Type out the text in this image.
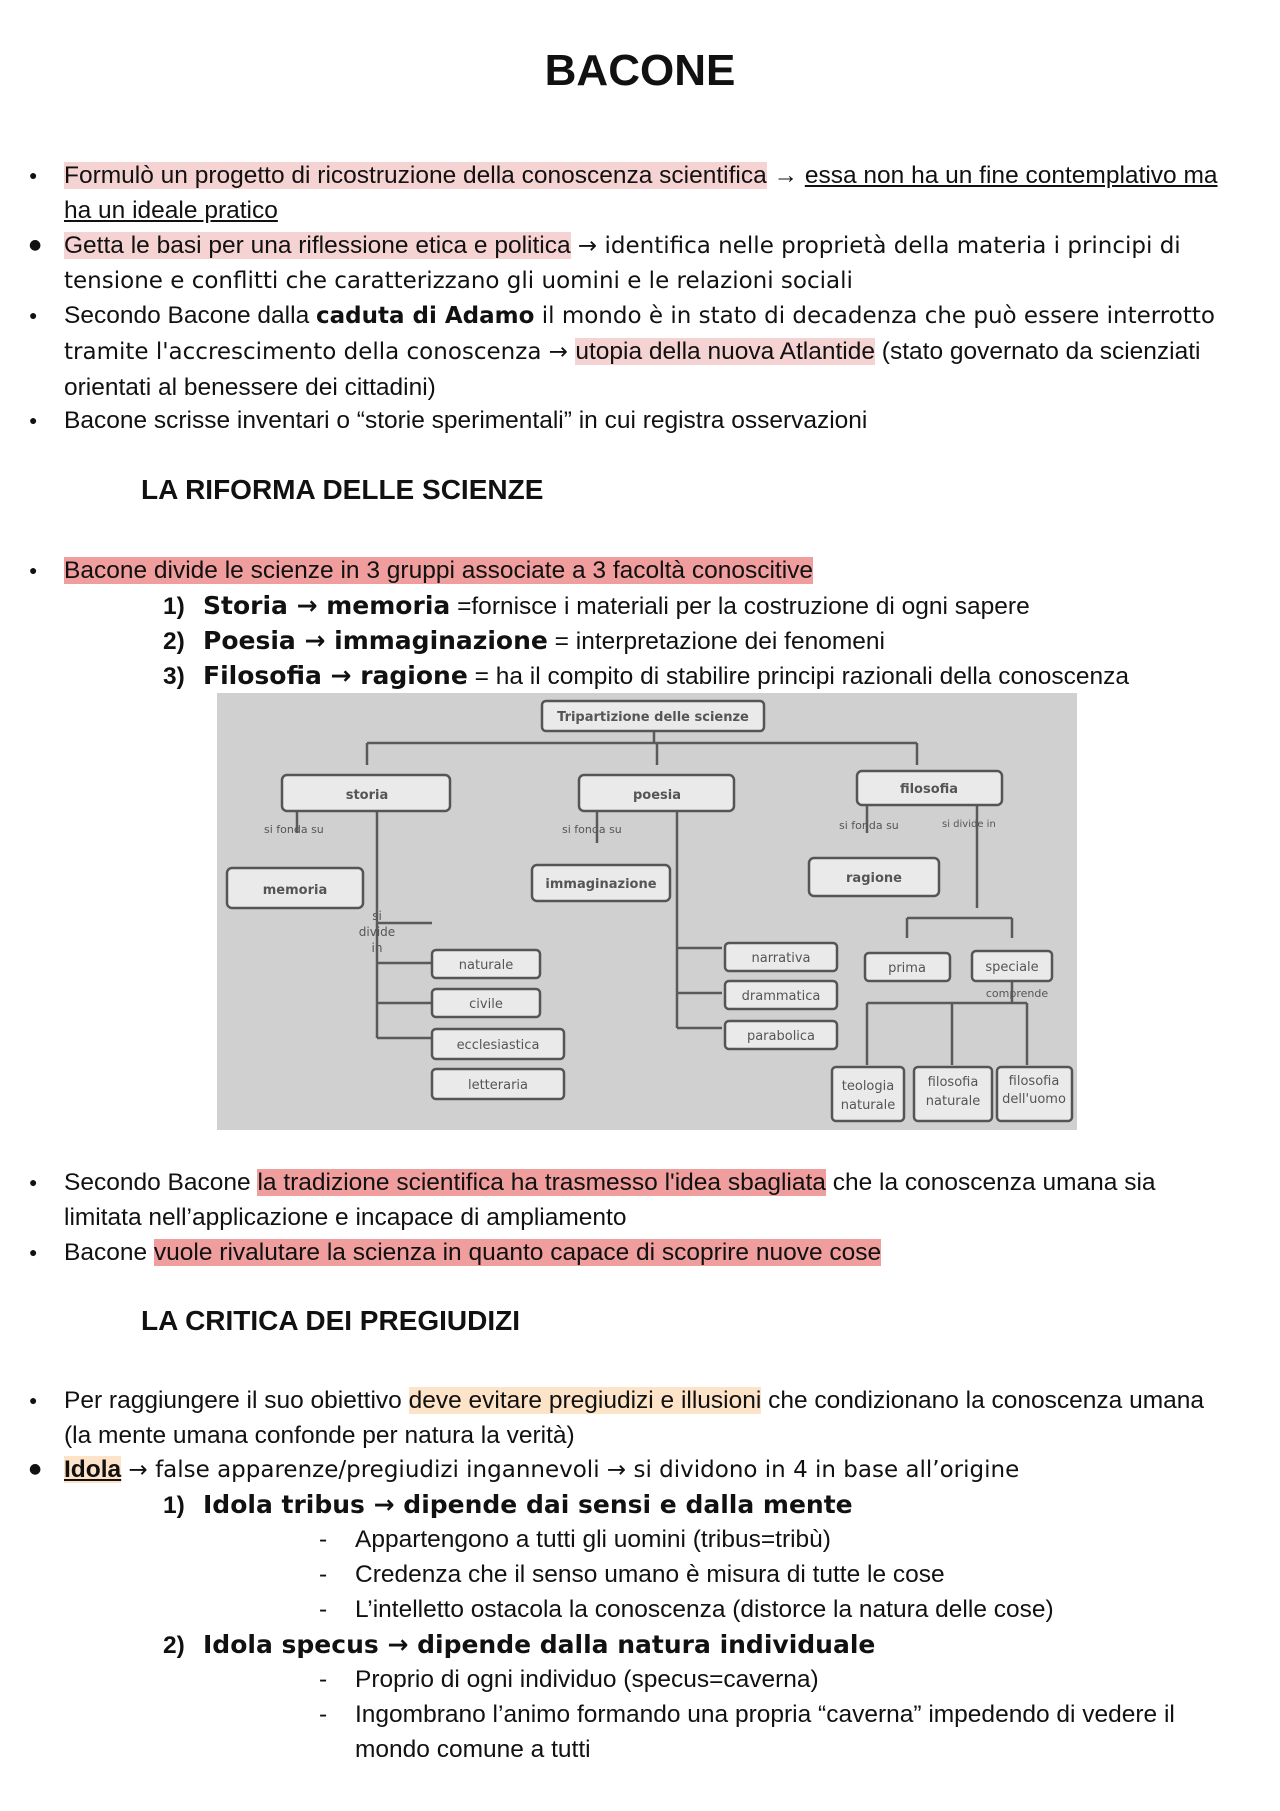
BACONE
● Formulò un progetto di ricostruzione della conoscenza scientifica → essa non ha un fine contemplativo ma ha un ideale pratico
● Getta le basi per una riflessione etica e politica → identifica nelle proprietà della materia i principi di tensione e conflitti che caratterizzano gli uomini e le relazioni sociali
● Secondo Bacone dalla caduta di Adamo il mondo è in stato di decadenza che può essere interrotto tramite l'accrescimento della conoscenza → utopia della nuova Atlantide (stato governato da scienziati orientati al benessere dei cittadini)
● Bacone scrisse inventari o “storie sperimentali” in cui registra osservazioni
LA RIFORMA DELLE SCIENZE
● Bacone divide le scienze in 3 gruppi associate a 3 facoltà conoscitive
1) Storia → memoria =fornisce i materiali per la costruzione di ogni sapere
2) Poesia → immaginazione = interpretazione dei fenomeni
3) Filosofia → ragione = ha il compito di stabilire principi razionali della conoscenza
Tripartizione delle scienze
storia	poesia	filosofia
si fonda su	si fonda su	si fonda su	si divide in
si
divide
in
memoria	immaginazione	ragione
naturale
civile
ecclesiastica
letteraria
narrativa
drammatica
parabolica
prima	speciale
comprende
teologia
naturale
filosofia
naturale
filosofia
dell'uomo
● Secondo Bacone la tradizione scientifica ha trasmesso l'idea sbagliata che la conoscenza umana sia limitata nell’applicazione e incapace di ampliamento
● Bacone vuole rivalutare la scienza in quanto capace di scoprire nuove cose
LA CRITICA DEI PREGIUDIZI
● Per raggiungere il suo obiettivo deve evitare pregiudizi e illusioni che condizionano la conoscenza umana (la mente umana confonde per natura la verità)
● Idola → false apparenze/pregiudizi ingannevoli → si dividono in 4 in base all’origine
1) Idola tribus → dipende dai sensi e dalla mente
- Appartengono a tutti gli uomini (tribus=tribù)
- Credenza che il senso umano è misura di tutte le cose
- L’intelletto ostacola la conoscenza (distorce la natura delle cose)
2) Idola specus → dipende dalla natura individuale
- Proprio di ogni individuo (specus=caverna)
- Ingombrano l’animo formando una propria “caverna” impedendo di vedere il mondo comune a tutti
